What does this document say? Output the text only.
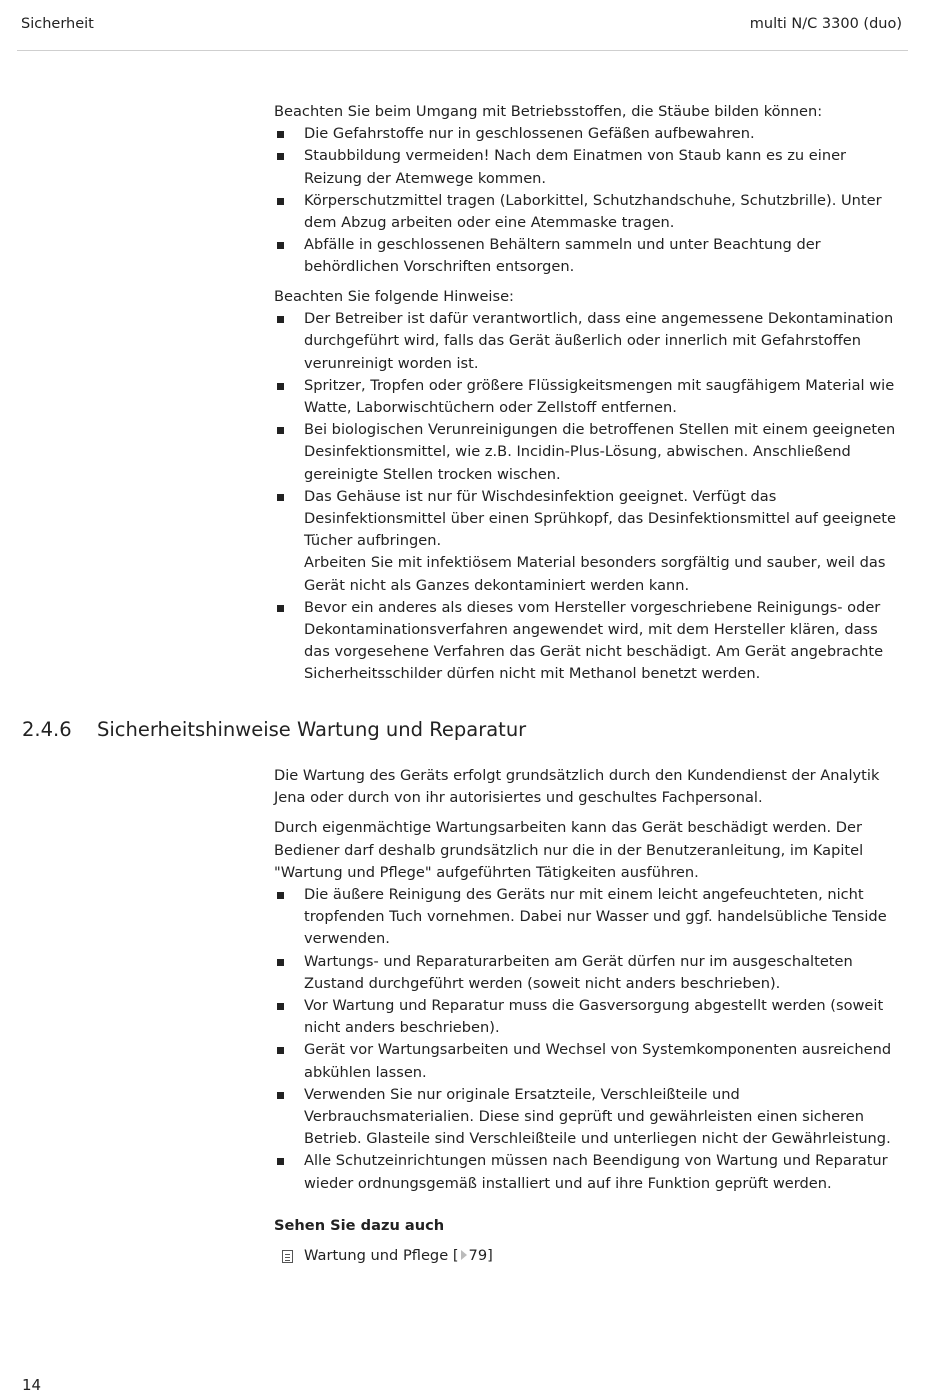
Sicherheit	multi N/C 3300 (duo)

Beachten Sie beim Umgang mit Betriebsstoffen, die Stäube bilden können:

Die Gefahrstoffe nur in geschlossenen Gefäßen aufbewahren.
Staubbildung vermeiden! Nach dem Einatmen von Staub kann es zu einer Reizung der Atemwege kommen.
Körperschutzmittel tragen (Laborkittel, Schutzhandschuhe, Schutzbrille). Unter dem Abzug arbeiten oder eine Atemmaske tragen.
Abfälle in geschlossenen Behältern sammeln und unter Beachtung der behördlichen Vorschriften entsorgen.

Beachten Sie folgende Hinweise:

Der Betreiber ist dafür verantwortlich, dass eine angemessene Dekontamination durchgeführt wird, falls das Gerät äußerlich oder innerlich mit Gefahrstoffen verunreinigt worden ist.
Spritzer, Tropfen oder größere Flüssigkeitsmengen mit saugfähigem Material wie Watte, Laborwischtüchern oder Zellstoff entfernen.
Bei biologischen Verunreinigungen die betroffenen Stellen mit einem geeigneten Desinfektionsmittel, wie z.B. Incidin-Plus-Lösung, abwischen. Anschließend gereinigte Stellen trocken wischen.
Das Gehäuse ist nur für Wischdesinfektion geeignet. Verfügt das Desinfektionsmittel über einen Sprühkopf, das Desinfektionsmittel auf geeignete Tücher aufbringen.
Arbeiten Sie mit infektiösem Material besonders sorgfältig und sauber, weil das Gerät nicht als Ganzes dekontaminiert werden kann.
Bevor ein anderes als dieses vom Hersteller vorgeschriebene Reinigungs- oder Dekontaminationsverfahren angewendet wird, mit dem Hersteller klären, dass das vorgesehene Verfahren das Gerät nicht beschädigt. Am Gerät angebrachte Sicherheitsschilder dürfen nicht mit Methanol benetzt werden.
2.4.6 Sicherheitshinweise Wartung und Reparatur

Die Wartung des Geräts erfolgt grundsätzlich durch den Kundendienst der Analytik Jena oder durch von ihr autorisiertes und geschultes Fachpersonal.

Durch eigenmächtige Wartungsarbeiten kann das Gerät beschädigt werden. Der Bediener darf deshalb grundsätzlich nur die in der Benutzeranleitung, im Kapitel "Wartung und Pflege" aufgeführten Tätigkeiten ausführen.

Die äußere Reinigung des Geräts nur mit einem leicht angefeuchteten, nicht tropfenden Tuch vornehmen. Dabei nur Wasser und ggf. handelsübliche Tenside verwenden.
Wartungs- und Reparaturarbeiten am Gerät dürfen nur im ausgeschalteten Zustand durchgeführt werden (soweit nicht anders beschrieben).
Vor Wartung und Reparatur muss die Gasversorgung abgestellt werden (soweit nicht anders beschrieben).
Gerät vor Wartungsarbeiten und Wechsel von Systemkomponenten ausreichend abkühlen lassen.
Verwenden Sie nur originale Ersatzteile, Verschleißteile und Verbrauchsmaterialien. Diese sind geprüft und gewährleisten einen sicheren Betrieb. Glasteile sind Verschleißteile und unterliegen nicht der Gewährleistung.
Alle Schutzeinrichtungen müssen nach Beendigung von Wartung und Reparatur wieder ordnungsgemäß installiert und auf ihre Funktion geprüft werden.

Sehen Sie dazu auch

Wartung und Pflege [ 79]

14
